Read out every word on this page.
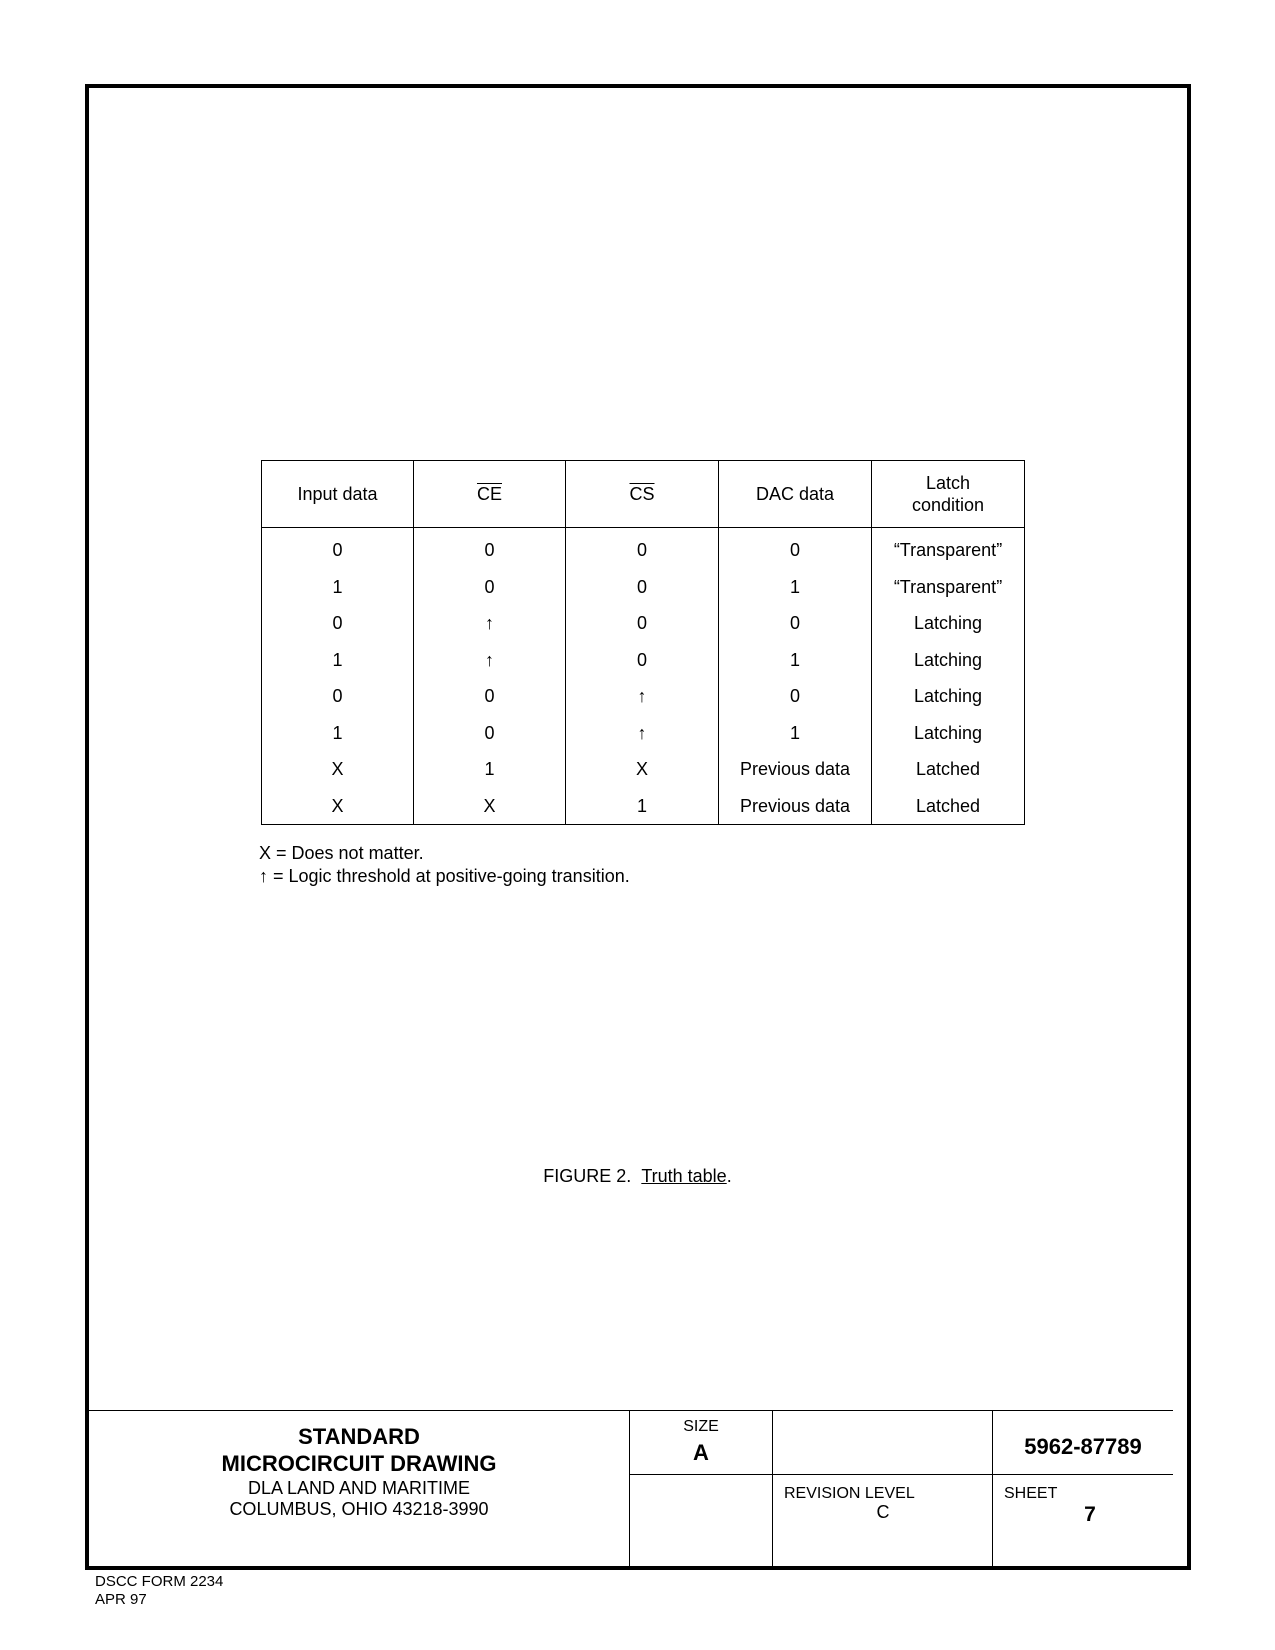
Input data	$\overline{CE}$	$\overline{CS}$	DAC data	Latch
condition
0	0	0	0	“Transparent”
1	0	0	1	“Transparent”
0	↑	0	0	Latching
1	↑	0	1	Latching
0	0	↑	0	Latching
1	0	↑	1	Latching
X	1	X	Previous data	Latched
X	X	1	Previous data	Latched
X = Does not matter.
↑ = Logic threshold at positive-going transition.
FIGURE 2. Truth table.
STANDARD
MICROCIRCUIT DRAWING
DLA LAND AND MARITIME
COLUMBUS, OHIO 43218-3990
SIZE
A	5962-87789
REVISION LEVEL
C
SHEET
7
DSCC FORM 2234
APR 97
